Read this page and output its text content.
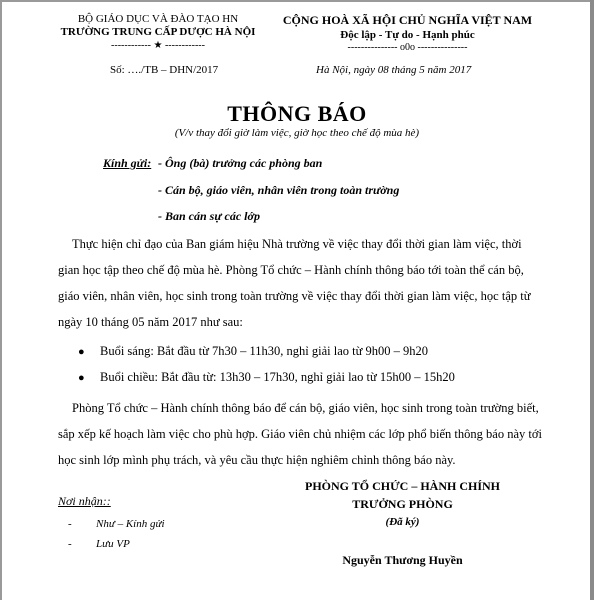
BỘ GIÁO DỤC VÀ ĐÀO TẠO HN
TRƯỜNG TRUNG CẤP DƯỢC HÀ NỘI
------------ ★ ------------
Số: …./TB – DHN/2017
CỘNG HOÀ XÃ HỘI CHỦ NGHĨA VIỆT NAM
Độc lập - Tự do - Hạnh phúc
--------------- o0o ---------------
Hà Nội, ngày 08 tháng 5 năm 2017
THÔNG BÁO
(V/v thay đổi giờ làm việc, giờ học theo chế độ mùa hè)
Kính gửi: - Ông (bà) trưởng các phòng ban
- Cán bộ, giáo viên, nhân viên trong toàn trường
- Ban cán sự các lớp
Thực hiện chỉ đạo của Ban giám hiệu Nhà trường về việc thay đổi thời gian làm việc, thời
gian học tập theo chế độ mùa hè. Phòng Tổ chức – Hành chính thông báo tới toàn thể cán bộ,
giáo viên, nhân viên, học sinh trong toàn trường về việc thay đổi thời gian làm việc, học tập từ
ngày 10 tháng 05 năm 2017 như sau:
● Buổi sáng: Bắt đầu từ 7h30 – 11h30, nghỉ giải lao từ 9h00 – 9h20
● Buổi chiều: Bắt đầu từ: 13h30 – 17h30, nghỉ giải lao từ 15h00 – 15h20
Phòng Tổ chức – Hành chính thông báo để cán bộ, giáo viên, học sinh trong toàn trường biết,
sắp xếp kế hoạch làm việc cho phù hợp. Giáo viên chủ nhiệm các lớp phổ biến thông báo này tới
học sinh lớp mình phụ trách, và yêu cầu thực hiện nghiêm chỉnh thông báo này.
PHÒNG TỔ CHỨC – HÀNH CHÍNH
TRƯỞNG PHÒNG
(Đã ký)
Nguyễn Thương Huyền
Nơi nhận::
- Như – Kính gửi
- Lưu VP
